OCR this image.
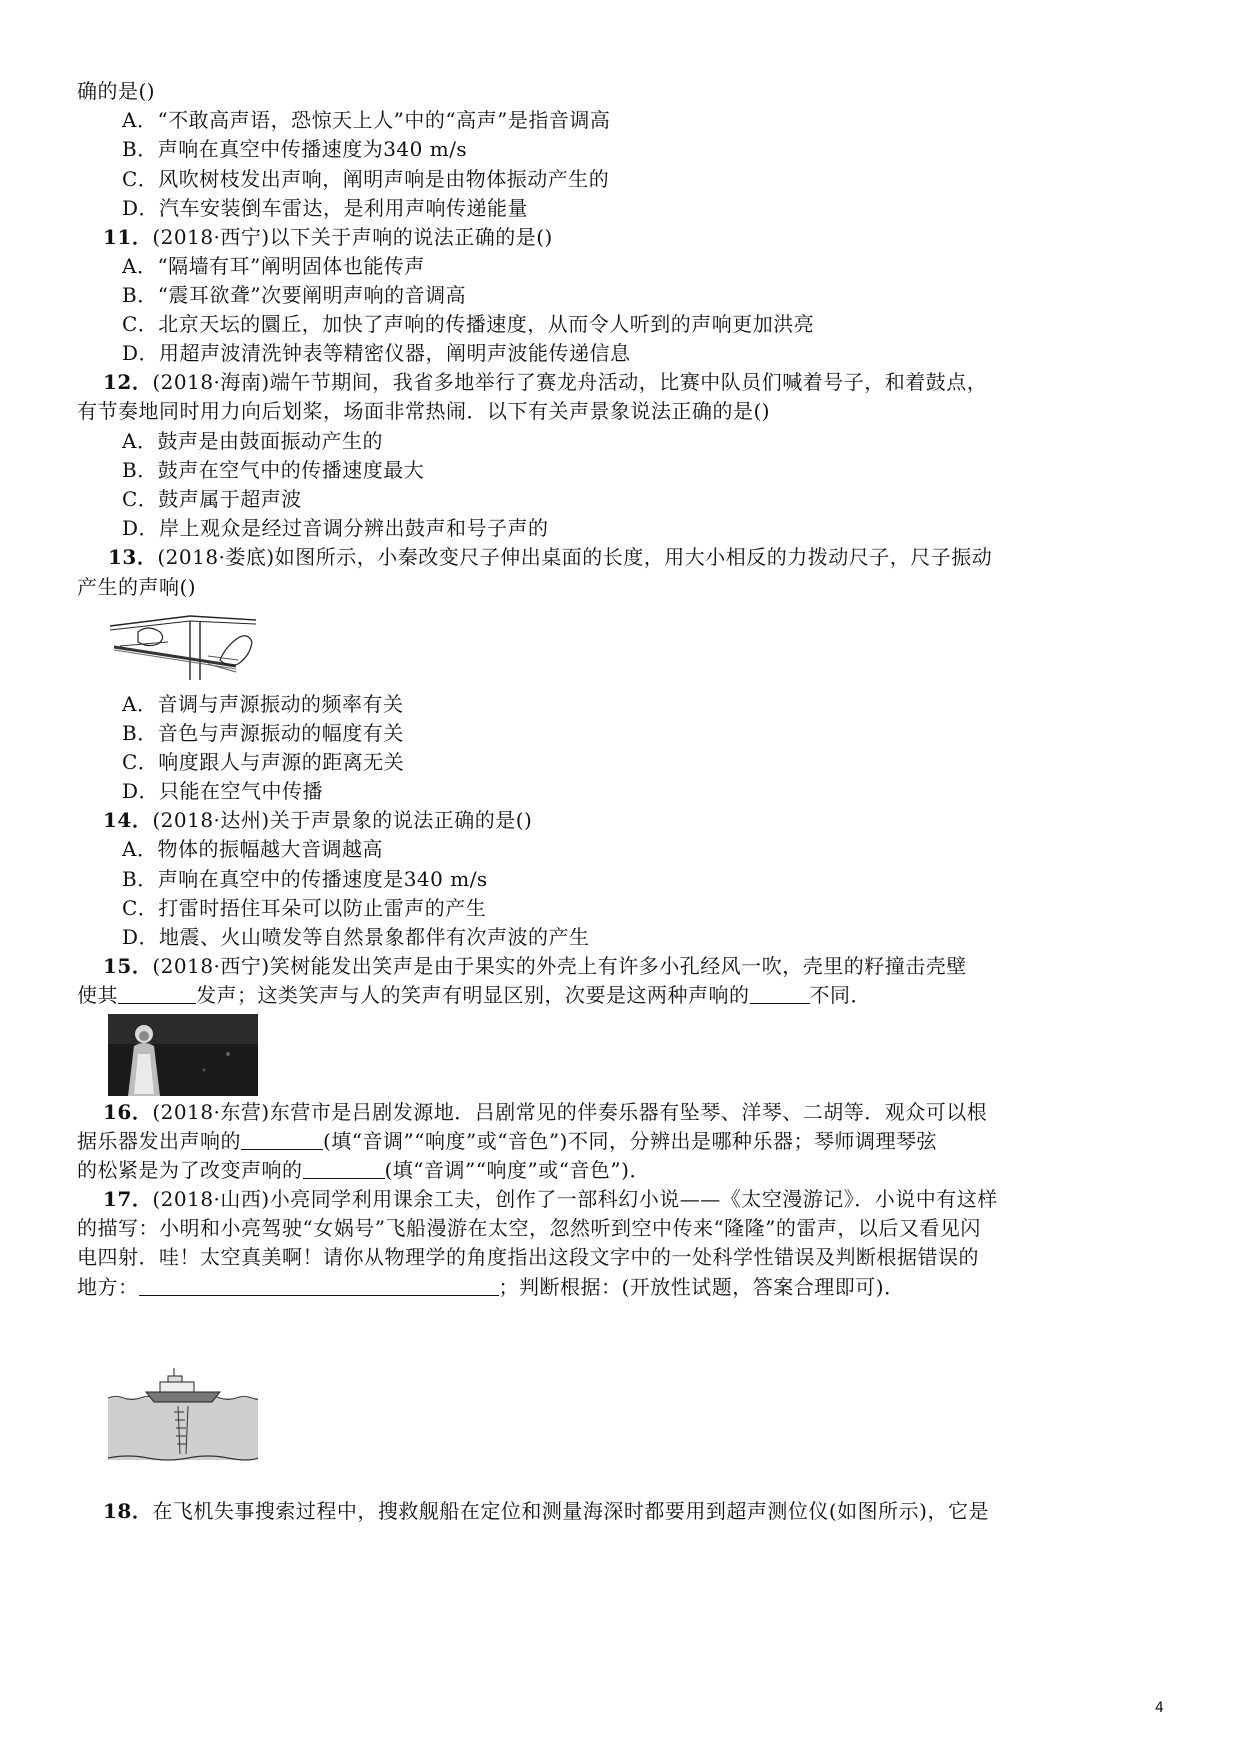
确的是()
A．“不敢高声语，恐惊天上人”中的“高声”是指音调高
B．声响在真空中传播速度为340 m/s
C．风吹树枝发出声响，阐明声响是由物体振动产生的
D．汽车安装倒车雷达，是利用声响传递能量
11．(2018·西宁)以下关于声响的说法正确的是()
A．“隔墙有耳”阐明固体也能传声
B．“震耳欲聋”次要阐明声响的音调高
C．北京天坛的圜丘，加快了声响的传播速度，从而令人听到的声响更加洪亮
D．用超声波清洗钟表等精密仪器，阐明声波能传递信息
12．(2018·海南)端午节期间，我省多地举行了赛龙舟活动，比赛中队员们喊着号子，和着鼓点，
有节奏地同时用力向后划桨，场面非常热闹．以下有关声景象说法正确的是()
A．鼓声是由鼓面振动产生的
B．鼓声在空气中的传播速度最大
C．鼓声属于超声波
D．岸上观众是经过音调分辨出鼓声和号子声的
13．(2018·娄底)如图所示，小秦改变尺子伸出桌面的长度，用大小相反的力拨动尺子，尺子振动
产生的声响()
A．音调与声源振动的频率有关
B．音色与声源振动的幅度有关
C．响度跟人与声源的距离无关
D．只能在空气中传播
14．(2018·达州)关于声景象的说法正确的是()
A．物体的振幅越大音调越高
B．声响在真空中的传播速度是340 m/s
C．打雷时捂住耳朵可以防止雷声的产生
D．地震、火山喷发等自然景象都伴有次声波的产生
15．(2018·西宁)笑树能发出笑声是由于果实的外壳上有许多小孔经风一吹，壳里的籽撞击壳壁
使其	发声；这类笑声与人的笑声有明显区别，次要是这两种声响的	不同．
16．(2018·东营)东营市是吕剧发源地．吕剧常见的伴奏乐器有坠琴、洋琴、二胡等．观众可以根
据乐器发出声响的	(填“音调”“响度”或“音色”)不同，分辨出是哪种乐器；琴师调理琴弦
的松紧是为了改变声响的	(填“音调”“响度”或“音色”)．
17．(2018·山西)小亮同学利用课余工夫，创作了一部科幻小说——《太空漫游记》．小说中有这样
的描写：小明和小亮驾驶“女娲号”飞船漫游在太空，忽然听到空中传来“隆隆”的雷声，以后又看见闪
电四射．哇！太空真美啊！请你从物理学的角度指出这段文字中的一处科学性错误及判断根据错误的
地方：	；判断根据：(开放性试题，答案合理即可)．
18．在飞机失事搜索过程中，搜救舰船在定位和测量海深时都要用到超声测位仪(如图所示)，它是
4
